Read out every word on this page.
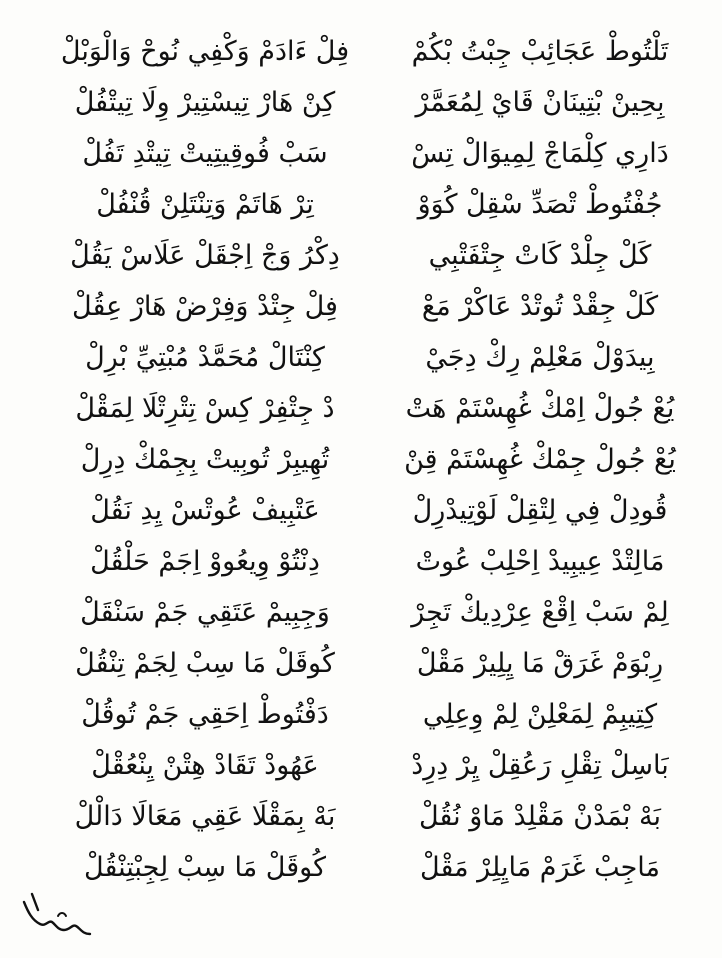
تَلْتُوطْ عَجَائِبْ جِبْتُ بْكُمْ
فِلْ ءَادَمْ وَكْفِي نُوحْ وَالْوَبْلْ
بِحِينْ بْتِينَانْ قَايْ لِمُعَمَّرْ
كِنْ هَارْ تِيسْتِيرْ وِلَا تِيتْفُلْ
دَارِي كِلْمَاجْ لِمِيوَالْ تِسْ
سَبْ فُوقِيتِيتْ تِيتْدِ تَفُلْ
جُفْتُوطْ تْصَدِّ سْقِلْ كُوَوْ
تِرْ هَاتَمْ وَتِنْتَلِنْ قُنْفُلْ
كَلْ جِلْدْ كَاتْ جِتْفَتْبِي
دِكْرُ وَجْ اِجْقَلْ عَلَاسْ يَقُلْ
كَلْ جِقْدْ تُوتْدْ عَاكْرْ مَعْ
فِلْ جِتْدْ وَفِرْضْ هَارْ عِقُلْ
بِيدَوْلْ مَعْلِمْ رِكْ دِجَيْ
كِنْتَالْ مُحَمَّدْ مُبْتِيِّ بْرِلْ
يُعْ جُولْ اِمْكْ غُهِسْتَمْ هَتْ
دْ جِتْفِرْ كِسْ تِتْرِتْلَا لِمَقْلْ
يُعْ جُولْ جِمْكْ غُهِسْتَمْ قِنْ
تُهِيبِرْ تُوبِيتْ بِجِمْكْ دِرِلْ
قُودِلْ فِي لِتْقِلْ لَوْتِيدْرِلْ
عَتْبِيفْ عُوتْسْ يِدِ نَقُلْ
مَالِتْدْ عِيبِيدْ اِحْلِبْ عُوتْ
دِنْتُوْ وِيعُووْ اِجَمْ حَلْقُلْ
لِمْ سَبْ اِقْعْ عِرْدِيكْ تَجِرْ
وَجِبِيمْ عَتَقِي جَمْ سَنْقَلْ
رِبْوَمْ غَرَقْ مَا يِلِيرْ مَقْلْ
كُوقَلْ مَا سِبْ لِجَمْ تِنْقُلْ
كِتِيبِمْ لِمَعْلِنْ لِمْ وِعِلِي
دَفْتُوطْ اِحَقِي جَمْ تُوقُلْ
بَاسِلْ تِقْلِ رَعُقِلْ يِرْ دِرِدْ
عَهُودْ تَقَادْ هِتْنْ يِنْعُقْلْ
بَهْ بْمَدْنْ مَقْلِدْ مَاوْ نُقُلْ
بَهْ بِمَقْلَا عَقِي مَعَالَا دَالْلْ
مَاجِبْ غَرَمْ مَايِلِرْ مَقْلْ
كُوقَلْ مَا سِبْ لِجِبْتِنْقُلْ
